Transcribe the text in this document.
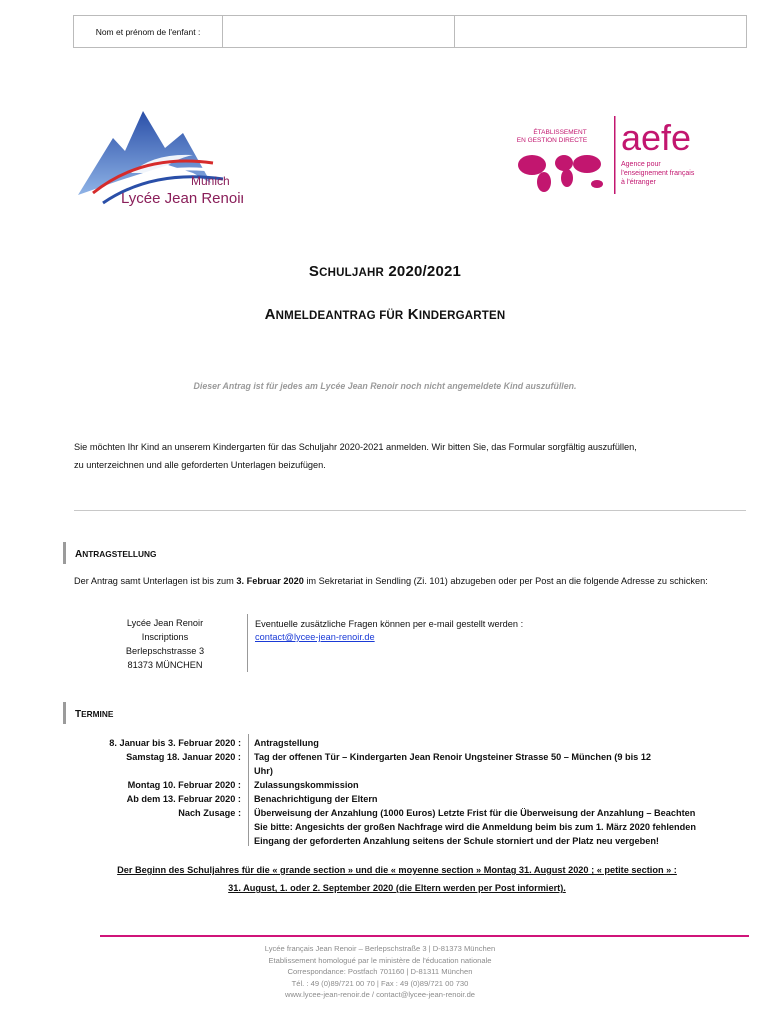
Nom et prénom de l'enfant :
Munich
Lycée Jean Renoir
ÉTABLISSEMENT
EN GESTION DIRECTE aefe
Agence pour
l'enseignement français
à l'étranger
SCHULJAHR 2020/2021
ANMELDEANTRAG FÜR KINDERGARTEN
Dieser Antrag ist für jedes am Lycée Jean Renoir noch nicht angemeldete Kind auszufüllen.
Sie möchten Ihr Kind an unserem Kindergarten für das Schuljahr 2020-2021 anmelden. Wir bitten Sie, das Formular sorgfältig auszufüllen,
zu unterzeichnen und alle geforderten Unterlagen beizufügen.
ANTRAGSTELLUNG
Der Antrag samt Unterlagen ist bis zum 3. Februar 2020 im Sekretariat in Sendling (Zi. 101) abzugeben oder per Post an die folgende Adresse zu schicken:
Lycée Jean Renoir
Inscriptions
Berlepschstrasse 3
81373 MÜNCHEN
Eventuelle zusätzliche Fragen können per e-mail gestellt werden :
contact@lycee-jean-renoir.de
TERMINE
8. Januar bis 3. Februar 2020 :
Samstag 18. Januar 2020 :

Montag 10. Februar 2020 :
Ab dem 13. Februar 2020 :
Nach Zusage :
Antragstellung
Tag der offenen Tür – Kindergarten Jean Renoir Ungsteiner Strasse 50 – München (9 bis 12
Uhr)
Zulassungskommission
Benachrichtigung der Eltern
Überweisung der Anzahlung (1000 Euros) Letzte Frist für die Überweisung der Anzahlung – Beachten
Sie bitte: Angesichts der großen Nachfrage wird die Anmeldung beim bis zum 1. März 2020 fehlenden
Eingang der geforderten Anzahlung seitens der Schule storniert und der Platz neu vergeben!
Der Beginn des Schuljahres für die « grande section » und die « moyenne section » Montag 31. August 2020 ; « petite section » :
31. August, 1. oder 2. September 2020 (die Eltern werden per Post informiert).
Lycée français Jean Renoir – Berlepschstraße 3 | D-81373 München
Etablissement homologué par le ministère de l'éducation nationale
Correspondance: Postfach 701160 | D-81311 München
Tél. : 49 (0)89/721 00 70 | Fax : 49 (0)89/721 00 730
www.lycee-jean-renoir.de / contact@lycee-jean-renoir.de
